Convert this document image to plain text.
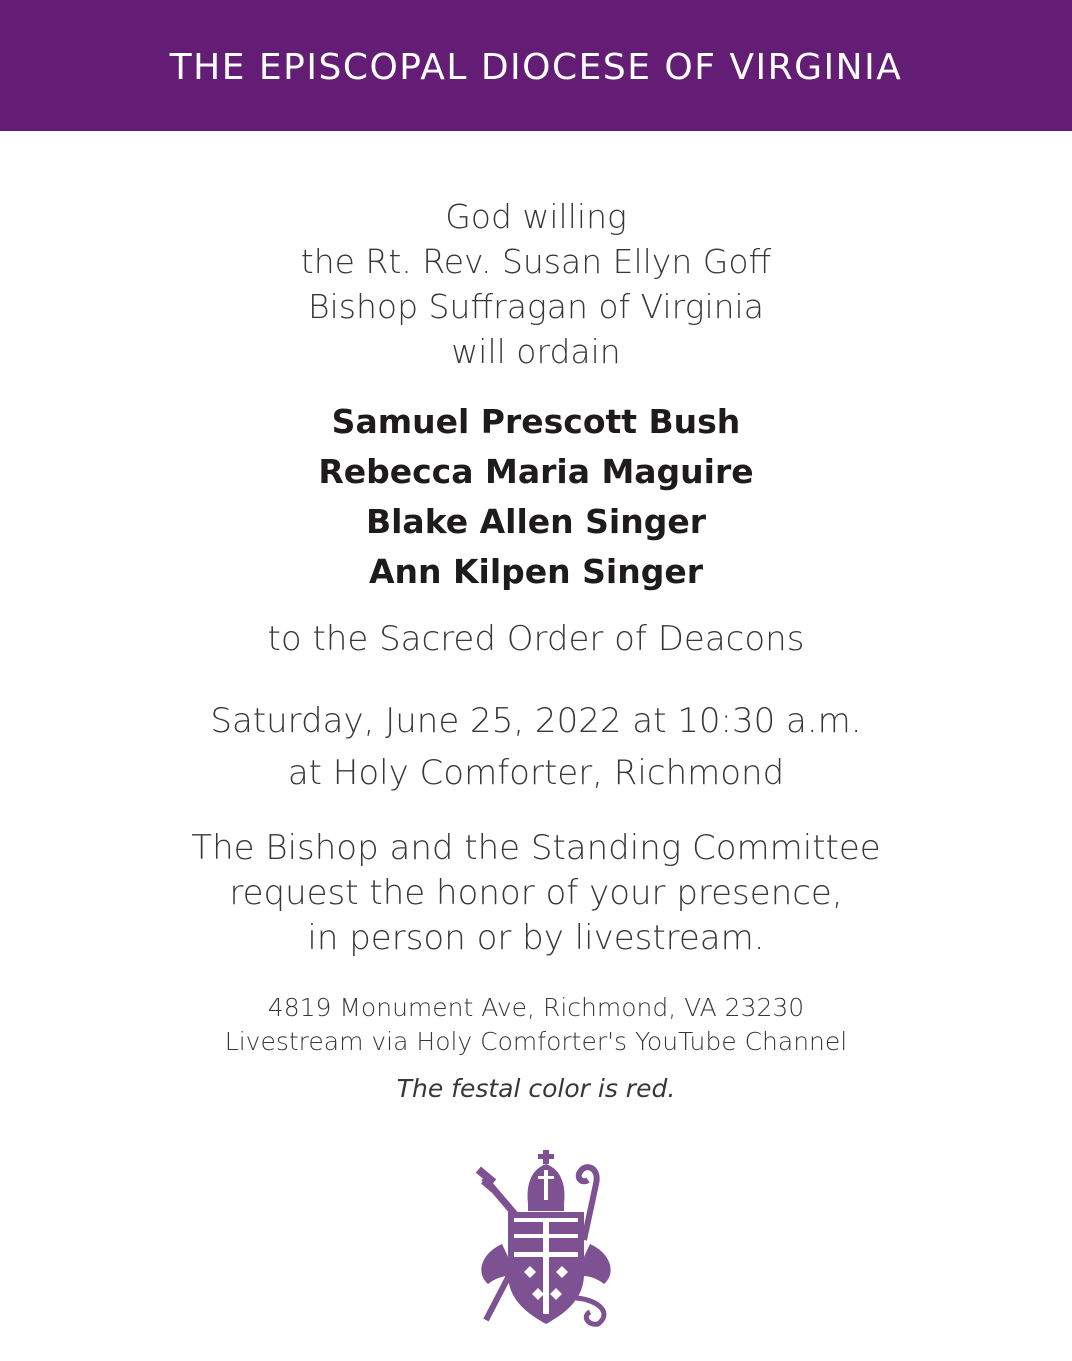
THE EPISCOPAL DIOCESE OF VIRGINIA
God willing
the Rt. Rev. Susan Ellyn Goff
Bishop Suffragan of Virginia
will ordain
Samuel Prescott Bush
Rebecca Maria Maguire
Blake Allen Singer
Ann Kilpen Singer
to the Sacred Order of Deacons
Saturday, June 25, 2022 at 10:30 a.m.
at Holy Comforter, Richmond
The Bishop and the Standing Committee
request the honor of your presence,
in person or by livestream.
4819 Monument Ave, Richmond, VA 23230
Livestream via Holy Comforter's YouTube Channel
The festal color is red.
